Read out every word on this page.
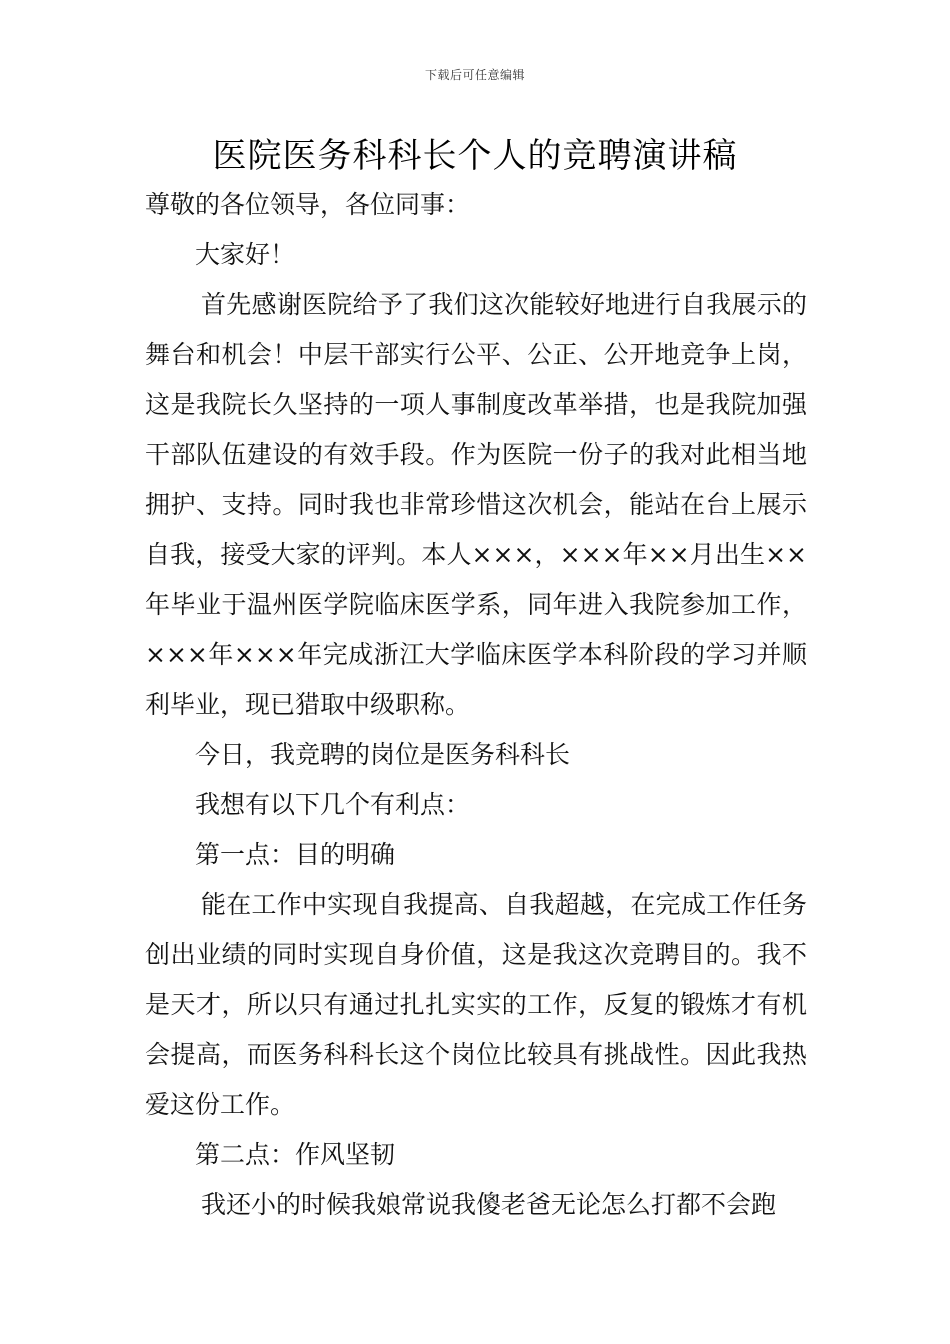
下载后可任意编辑
医院医务科科长个人的竞聘演讲稿

尊敬的各位领导，各位同事：

大家好！

首先感谢医院给予了我们这次能较好地进行自我展示的舞台和机会！中层干部实行公平、公正、公开地竞争上岗，这是我院长久坚持的一项人事制度改革举措，也是我院加强干部队伍建设的有效手段。作为医院一份子的我对此相当地拥护、支持。同时我也非常珍惜这次机会，能站在台上展示自我，接受大家的评判。本人×××，×××年××月出生××年毕业于温州医学院临床医学系，同年进入我院参加工作，×××年×××年完成浙江大学临床医学本科阶段的学习并顺利毕业，现已猎取中级职称。

今日，我竞聘的岗位是医务科科长

我想有以下几个有利点：

第一点：目的明确

能在工作中实现自我提高、自我超越，在完成工作任务创出业绩的同时实现自身价值，这是我这次竞聘目的。我不是天才，所以只有通过扎扎实实的工作，反复的锻炼才有机会提高，而医务科科长这个岗位比较具有挑战性。因此我热爱这份工作。

第二点：作风坚韧

我还小的时候我娘常说我傻老爸无论怎么打都不会跑
